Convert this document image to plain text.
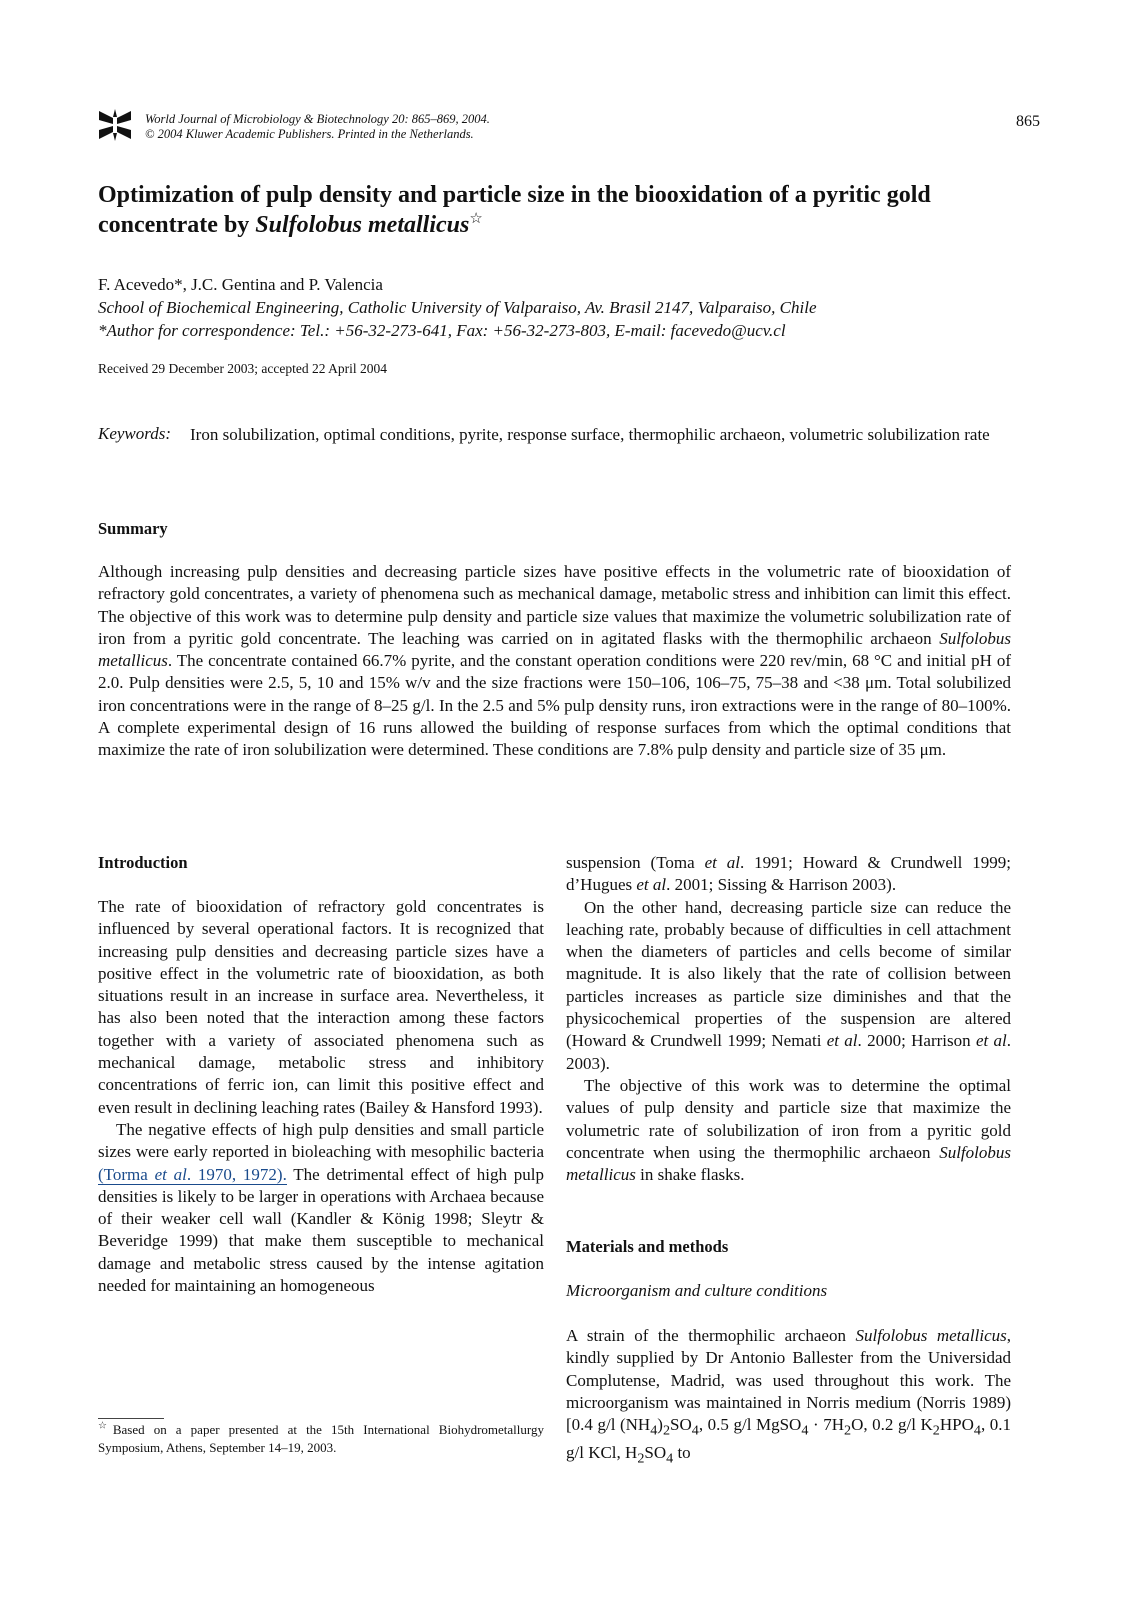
World Journal of Microbiology & Biotechnology 20: 865–869, 2004.
© 2004 Kluwer Academic Publishers. Printed in the Netherlands.
865
Optimization of pulp density and particle size in the biooxidation of a pyritic gold concentrate by Sulfolobus metallicus☆
F. Acevedo*, J.C. Gentina and P. Valencia
School of Biochemical Engineering, Catholic University of Valparaiso, Av. Brasil 2147, Valparaiso, Chile
*Author for correspondence: Tel.: +56-32-273-641, Fax: +56-32-273-803, E-mail: facevedo@ucv.cl
Received 29 December 2003; accepted 22 April 2004
Keywords: Iron solubilization, optimal conditions, pyrite, response surface, thermophilic archaeon, volumetric solubilization rate
Summary

Although increasing pulp densities and decreasing particle sizes have positive effects in the volumetric rate of biooxidation of refractory gold concentrates, a variety of phenomena such as mechanical damage, metabolic stress and inhibition can limit this effect. The objective of this work was to determine pulp density and particle size values that maximize the volumetric solubilization rate of iron from a pyritic gold concentrate. The leaching was carried on in agitated flasks with the thermophilic archaeon Sulfolobus metallicus. The concentrate contained 66.7% pyrite, and the constant operation conditions were 220 rev/min, 68 °C and initial pH of 2.0. Pulp densities were 2.5, 5, 10 and 15% w/v and the size fractions were 150–106, 106–75, 75–38 and <38 μm. Total solubilized iron concentrations were in the range of 8–25 g/l. In the 2.5 and 5% pulp density runs, iron extractions were in the range of 80–100%. A complete experimental design of 16 runs allowed the building of response surfaces from which the optimal conditions that maximize the rate of iron solubilization were determined. These conditions are 7.8% pulp density and particle size of 35 μm.

Introduction

The rate of biooxidation of refractory gold concentrates is influenced by several operational factors. It is recognized that increasing pulp densities and decreasing particle sizes have a positive effect in the volumetric rate of biooxidation, as both situations result in an increase in surface area. Nevertheless, it has also been noted that the interaction among these factors together with a variety of associated phenomena such as mechanical damage, metabolic stress and inhibitory concentrations of ferric ion, can limit this positive effect and even result in declining leaching rates (Bailey & Hansford 1993).

The negative effects of high pulp densities and small particle sizes were early reported in bioleaching with mesophilic bacteria (Torma et al. 1970, 1972). The detrimental effect of high pulp densities is likely to be larger in operations with Archaea because of their weaker cell wall (Kandler & König 1998; Sleytr & Beveridge 1999) that make them susceptible to mechanical damage and metabolic stress caused by the intense agitation needed for maintaining an homogeneous

☆Based on a paper presented at the 15th International Biohydrometallurgy Symposium, Athens, September 14–19, 2003.

suspension (Toma et al. 1991; Howard & Crundwell 1999; d’Hugues et al. 2001; Sissing & Harrison 2003).

On the other hand, decreasing particle size can reduce the leaching rate, probably because of difficulties in cell attachment when the diameters of particles and cells become of similar magnitude. It is also likely that the rate of collision between particles increases as particle size diminishes and that the physicochemical properties of the suspension are altered (Howard & Crundwell 1999; Nemati et al. 2000; Harrison et al. 2003).

The objective of this work was to determine the optimal values of pulp density and particle size that maximize the volumetric rate of solubilization of iron from a pyritic gold concentrate when using the thermophilic archaeon Sulfolobus metallicus in shake flasks.

Materials and methods
Microorganism and culture conditions

A strain of the thermophilic archaeon Sulfolobus metallicus, kindly supplied by Dr Antonio Ballester from the Universidad Complutense, Madrid, was used throughout this work. The microorganism was maintained in Norris medium (Norris 1989) [0.4 g/l $(NH_4)_2SO_4$, 0.5 g/l MgSO$_4$ · $7H_2O$, 0.2 g/l $K_2HPO_4$, 0.1 g/l KCl, $H_2SO_4$ to
